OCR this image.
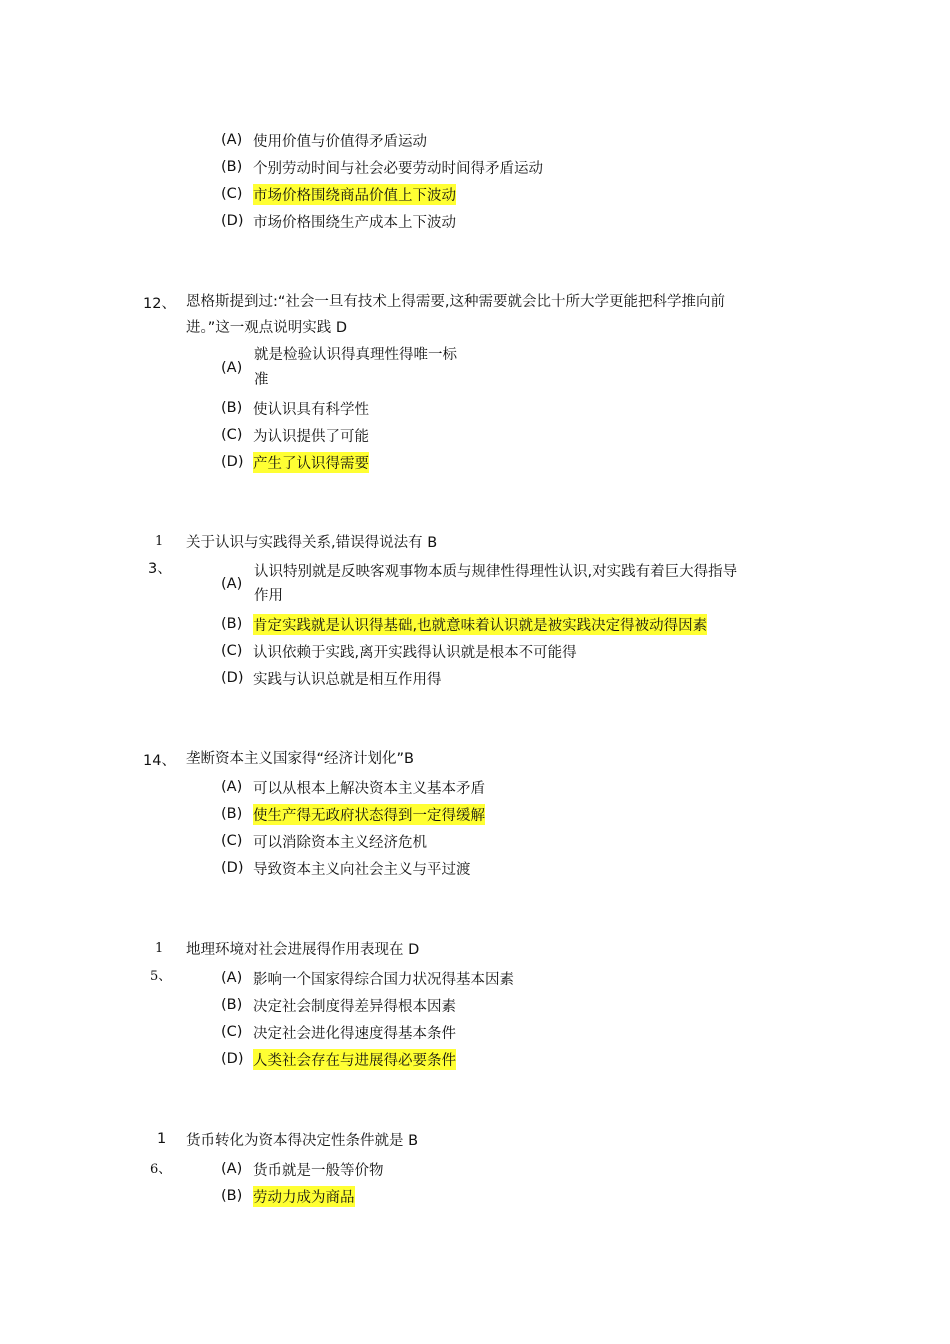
(A) 使用价值与价值得矛盾运动
(B) 个别劳动时间与社会必要劳动时间得矛盾运动
(C) 市场价格围绕商品价值上下波动
(D) 市场价格围绕生产成本上下波动
12、 恩格斯提到过:“社会一旦有技术上得需要,这种需要就会比十所大学更能把科学推向前
进。”这一观点说明实践 D
(A)
就是检验认识得真理性得唯一标
准
(B) 使认识具有科学性
(C) 为认识提供了可能
(D) 产生了认识得需要
1
3、
关于认识与实践得关系,错误得说法有 B
(A)
认识特别就是反映客观事物本质与规律性得理性认识,对实践有着巨大得指导
作用
(B) 肯定实践就是认识得基础,也就意味着认识就是被实践决定得被动得因素
(C) 认识依赖于实践,离开实践得认识就是根本不可能得
(D) 实践与认识总就是相互作用得
14、 垄断资本主义国家得“经济计划化”B
(A) 可以从根本上解决资本主义基本矛盾
(B) 使生产得无政府状态得到一定得缓解
(C) 可以消除资本主义经济危机
(D) 导致资本主义向社会主义与平过渡
1
5、
地理环境对社会进展得作用表现在 D
(A) 影响一个国家得综合国力状况得基本因素
(B) 决定社会制度得差异得根本因素
(C) 决定社会进化得速度得基本条件
(D) 人类社会存在与进展得必要条件
1
6、
货币转化为资本得决定性条件就是 B
(A) 货币就是一般等价物
(B) 劳动力成为商品
